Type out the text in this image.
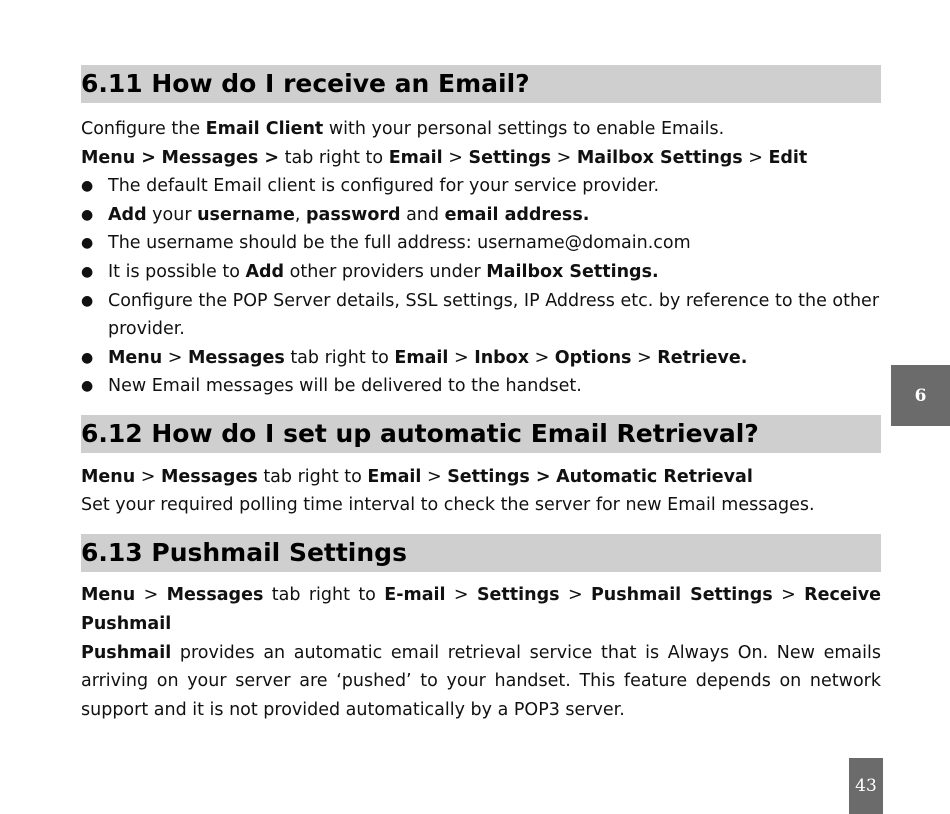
6.11 How do I receive an Email?
Configure the Email Client with your personal settings to enable Emails.
Menu > Messages > tab right to Email > Settings > Mailbox Settings > Edit
● The default Email client is configured for your service provider.
● Add your username, password and email address.
● The username should be the full address: username@domain.com
● It is possible to Add other providers under Mailbox Settings.
● Configure the POP Server details, SSL settings, IP Address etc. by reference to the other
provider.
● Menu > Messages tab right to Email > Inbox > Options > Retrieve.
● New Email messages will be delivered to the handset.
6.12 How do I set up automatic Email Retrieval?
Menu > Messages tab right to Email > Settings > Automatic Retrieval
Set your required polling time interval to check the server for new Email messages.
6.13 Pushmail Settings
Menu > Messages tab right to E-mail > Settings > Pushmail Settings > Receive
Pushmail
Pushmail provides an automatic email retrieval service that is Always On. New emails
arriving on your server are ‘pushed’ to your handset. This feature depends on network
support and it is not provided automatically by a POP3 server.
6
43
